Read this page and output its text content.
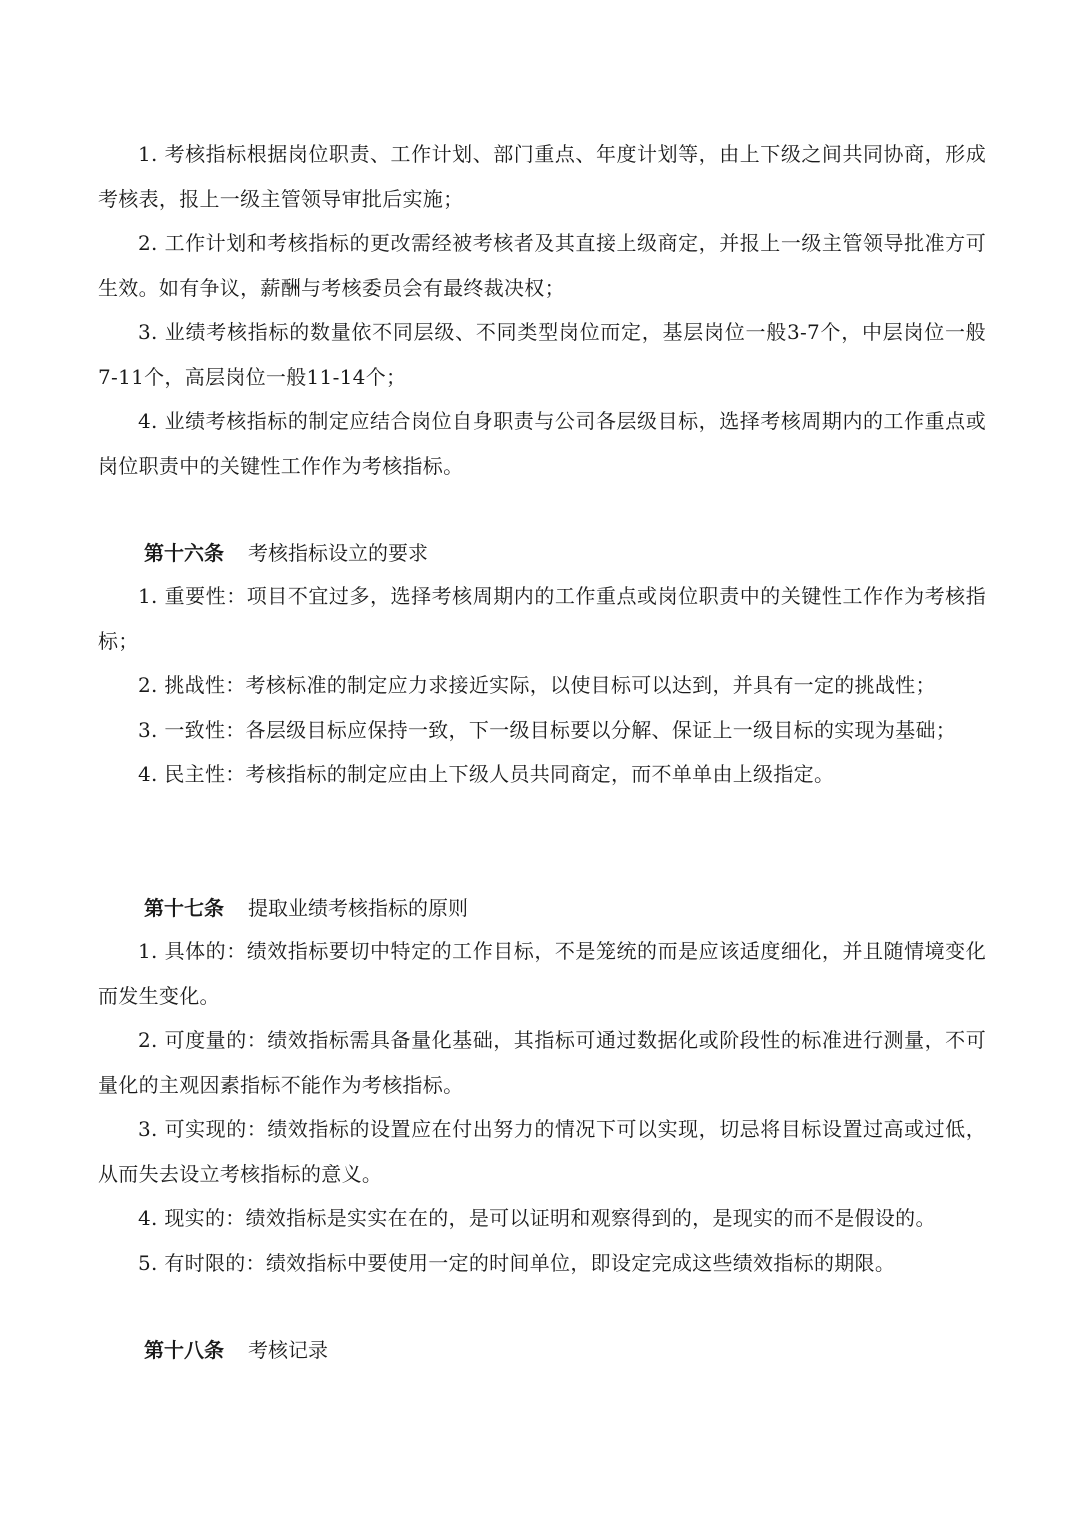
1. 考核指标根据岗位职责、工作计划、部门重点、年度计划等，由上下级之间共同协商，形成考核表，报上一级主管领导审批后实施；

2. 工作计划和考核指标的更改需经被考核者及其直接上级商定，并报上一级主管领导批准方可生效。如有争议，薪酬与考核委员会有最终裁决权；

3. 业绩考核指标的数量依不同层级、不同类型岗位而定，基层岗位一般3-7个，中层岗位一般7-11个，高层岗位一般11-14个；

4. 业绩考核指标的制定应结合岗位自身职责与公司各层级目标，选择考核周期内的工作重点或岗位职责中的关键性工作作为考核指标。

第十六条 考核指标设立的要求

1. 重要性：项目不宜过多，选择考核周期内的工作重点或岗位职责中的关键性工作作为考核指标；

2. 挑战性：考核标准的制定应力求接近实际，以使目标可以达到，并具有一定的挑战性；

3. 一致性：各层级目标应保持一致，下一级目标要以分解、保证上一级目标的实现为基础；

4. 民主性：考核指标的制定应由上下级人员共同商定，而不单单由上级指定。

第十七条 提取业绩考核指标的原则

1. 具体的：绩效指标要切中特定的工作目标，不是笼统的而是应该适度细化，并且随情境变化而发生变化。

2. 可度量的：绩效指标需具备量化基础，其指标可通过数据化或阶段性的标准进行测量，不可量化的主观因素指标不能作为考核指标。

3. 可实现的：绩效指标的设置应在付出努力的情况下可以实现，切忌将目标设置过高或过低，从而失去设立考核指标的意义。

4. 现实的：绩效指标是实实在在的，是可以证明和观察得到的，是现实的而不是假设的。

5. 有时限的：绩效指标中要使用一定的时间单位，即设定完成这些绩效指标的期限。

第十八条 考核记录
